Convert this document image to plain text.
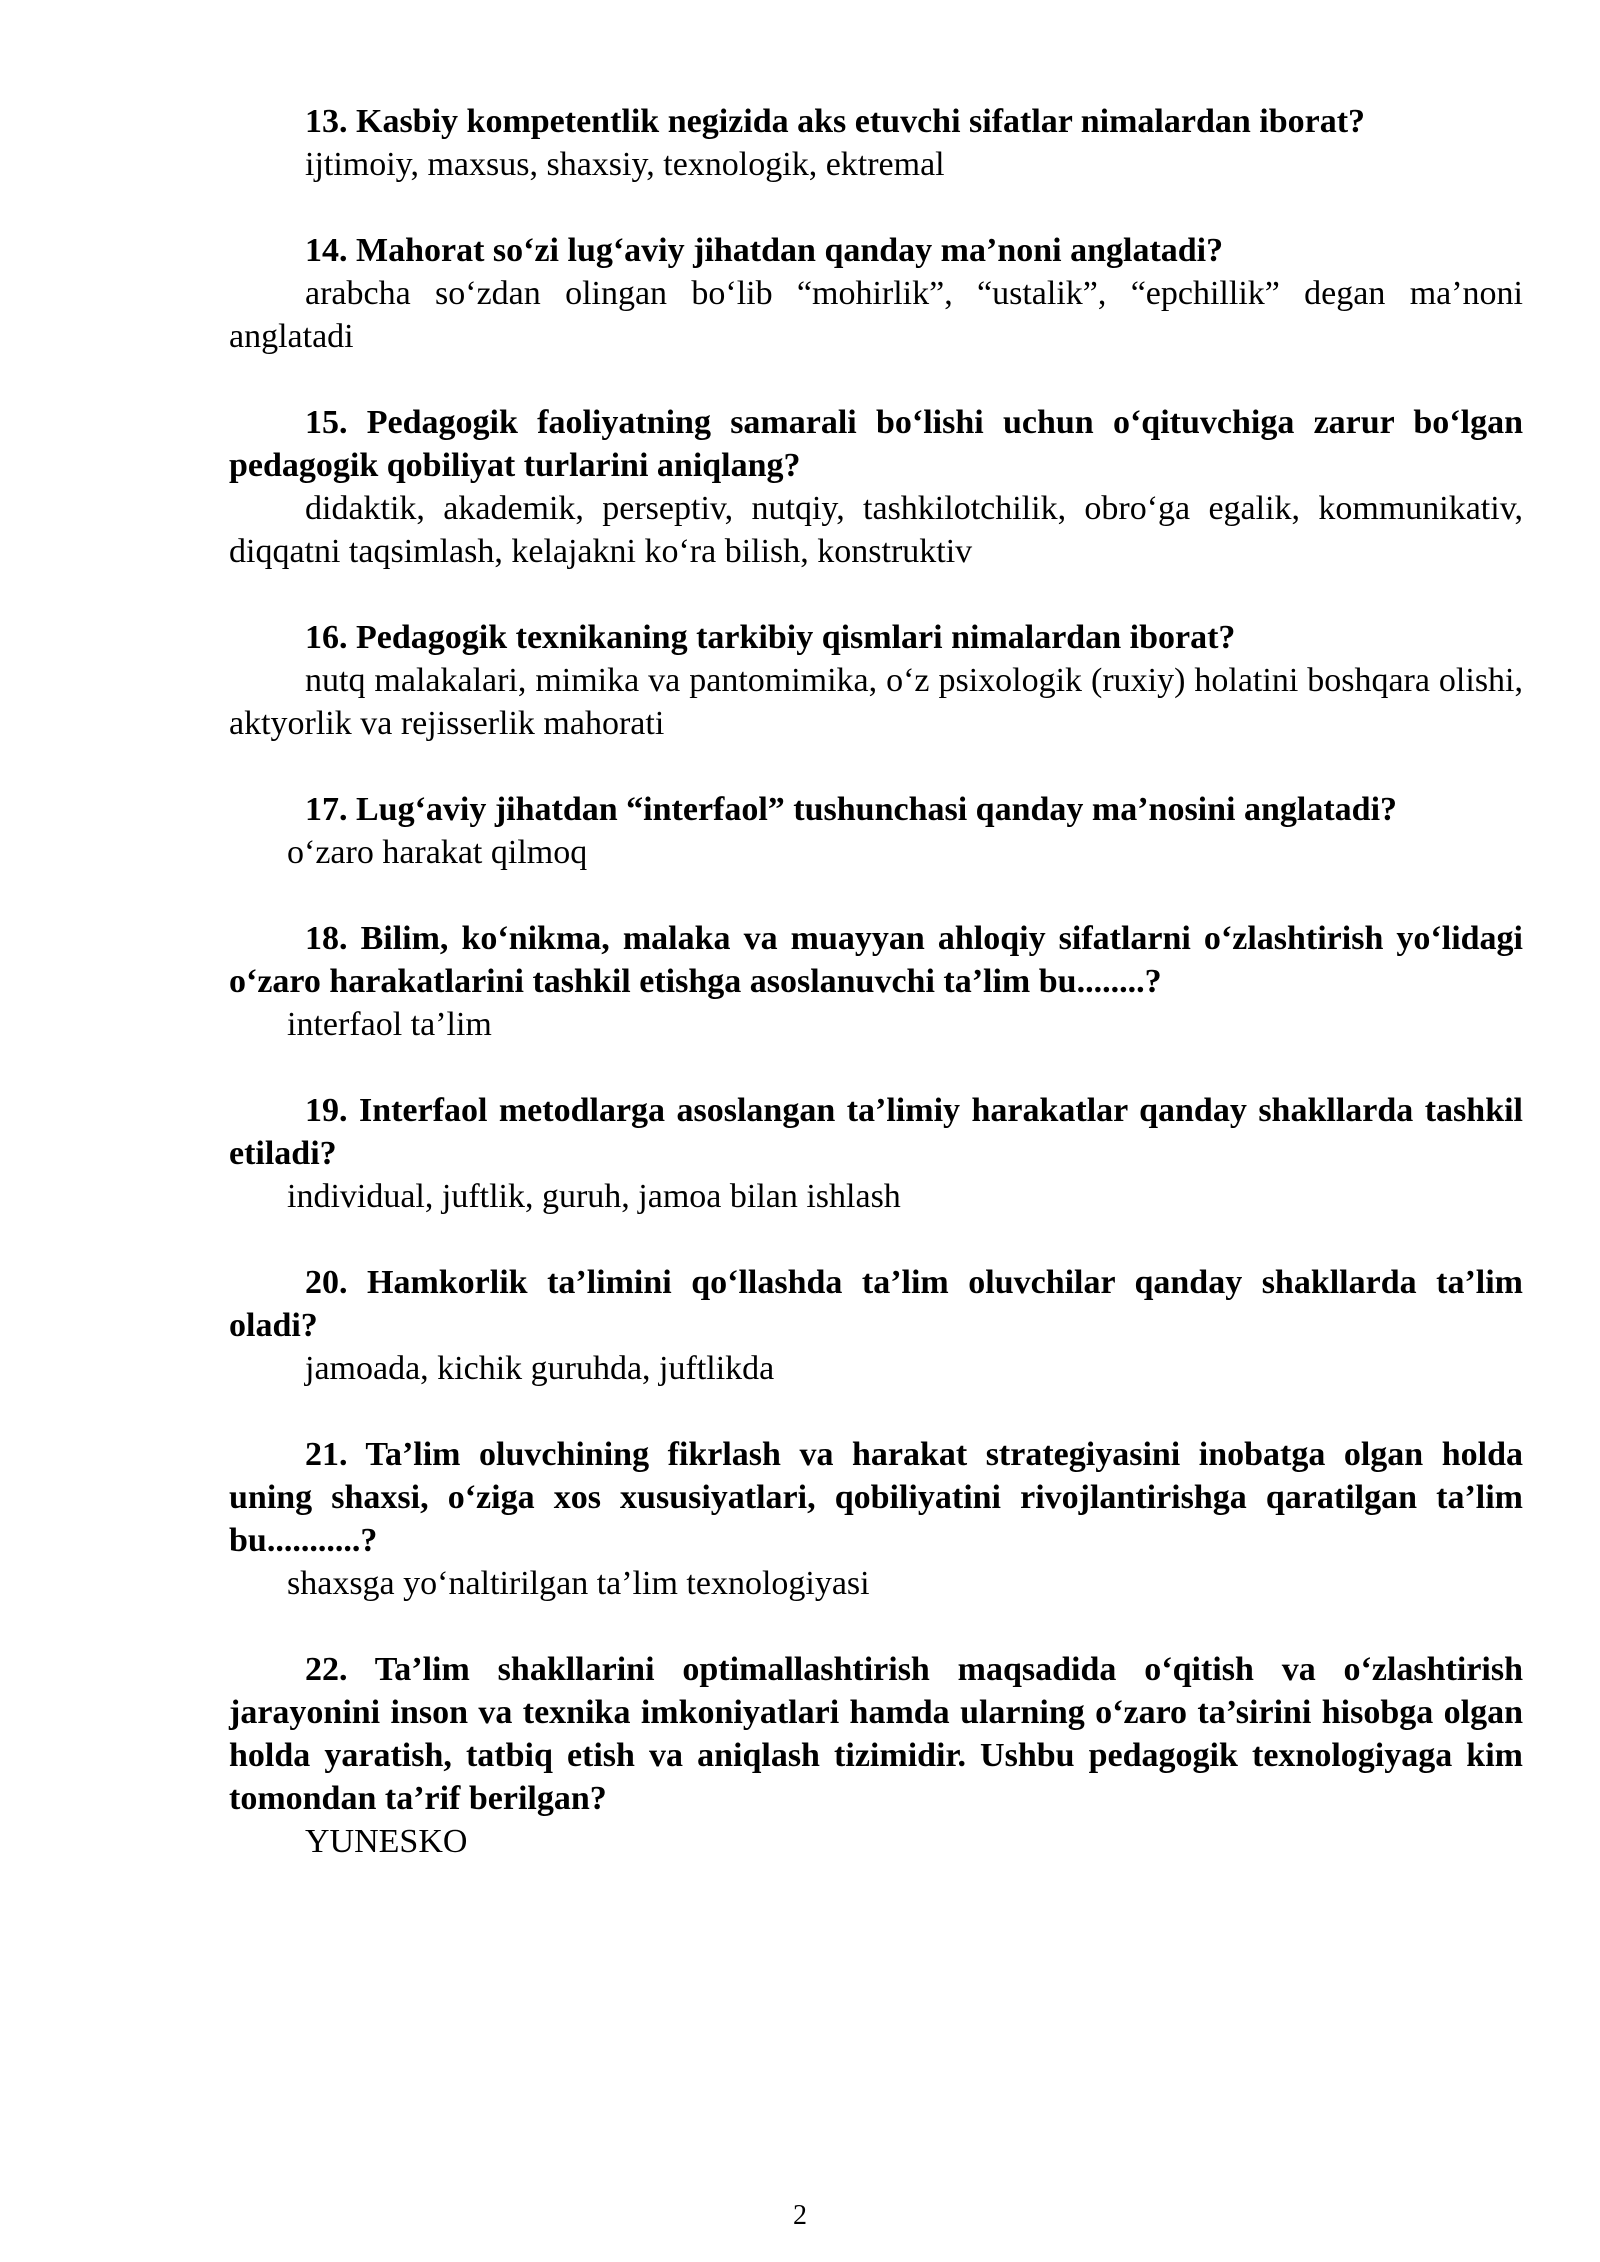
13. Kasbiy kompetentlik negizida aks etuvchi sifatlar nimalardan iborat?

ijtimoiy, maxsus, shaxsiy, texnologik, ektremal

14. Mahorat so‘zi lug‘aviy jihatdan qanday ma’noni anglatadi?

arabcha so‘zdan olingan bo‘lib “mohirlik”, “ustalik”, “epchillik” degan ma’noni anglatadi

15. Pedagogik faoliyatning samarali bo‘lishi uchun o‘qituvchiga zarur bo‘lgan pedagogik qobiliyat turlarini aniqlang?

didaktik, akademik, perseptiv, nutqiy, tashkilotchilik, obro‘ga egalik, kommunikativ, diqqatni taqsimlash, kelajakni ko‘ra bilish, konstruktiv

16. Pedagogik texnikaning tarkibiy qismlari nimalardan iborat?

nutq malakalari, mimika va pantomimika, o‘z psixologik (ruxiy) holatini boshqara olishi, aktyorlik va rejisserlik mahorati

17. Lug‘aviy jihatdan “interfaol” tushunchasi qanday ma’nosini anglatadi?

o‘zaro harakat qilmoq

18. Bilim, ko‘nikma, malaka va muayyan ahloqiy sifatlarni o‘zlashtirish yo‘lidagi o‘zaro harakatlarini tashkil etishga asoslanuvchi ta’lim bu........?

interfaol ta’lim

19. Interfaol metodlarga asoslangan ta’limiy harakatlar qanday shakllarda tashkil etiladi?

individual, juftlik, guruh, jamoa bilan ishlash

20. Hamkorlik ta’limini qo‘llashda ta’lim oluvchilar qanday shakllarda ta’lim oladi?

jamoada, kichik guruhda, juftlikda

21. Ta’lim oluvchining fikrlash va harakat strategiyasini inobatga olgan holda uning shaxsi, o‘ziga xos xususiyatlari, qobiliyatini rivojlantirishga qaratilgan ta’lim bu...........?

shaxsga yo‘naltirilgan ta’lim texnologiyasi

22. Ta’lim shakllarini optimallashtirish maqsadida o‘qitish va o‘zlashtirish jarayonini inson va texnika imkoniyatlari hamda ularning o‘zaro ta’sirini hisobga olgan holda yaratish, tatbiq etish va aniqlash tizimidir. Ushbu pedagogik texnologiyaga kim tomondan ta’rif berilgan?

YUNESKO

2
